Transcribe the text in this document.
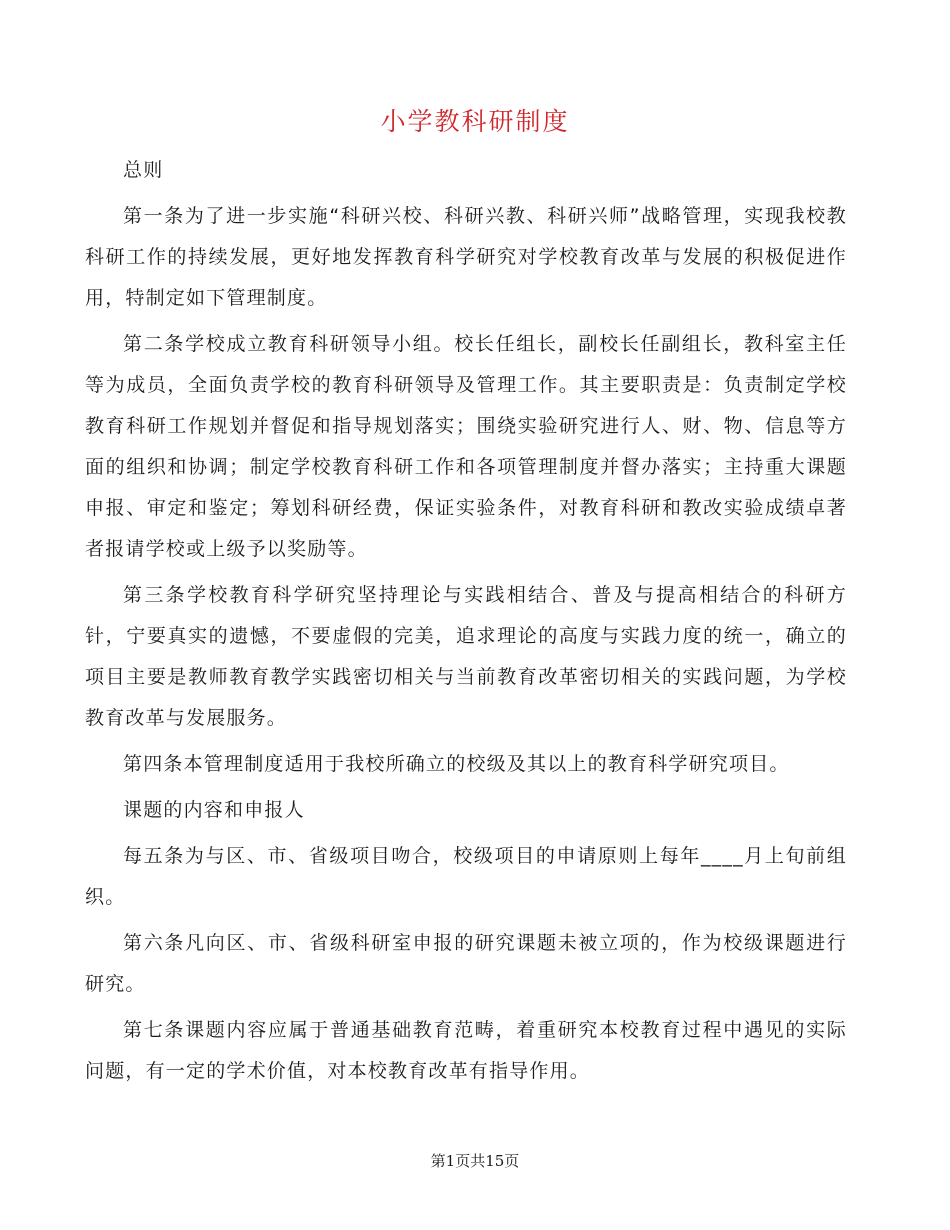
小学教科研制度

总则

第一条为了进一步实施“科研兴校、科研兴教、科研兴师”战略管理，实现我校教科研工作的持续发展，更好地发挥教育科学研究对学校教育改革与发展的积极促进作用，特制定如下管理制度。

第二条学校成立教育科研领导小组。校长任组长，副校长任副组长，教科室主任等为成员，全面负责学校的教育科研领导及管理工作。其主要职责是：负责制定学校教育科研工作规划并督促和指导规划落实；围绕实验研究进行人、财、物、信息等方面的组织和协调；制定学校教育科研工作和各项管理制度并督办落实；主持重大课题申报、审定和鉴定；筹划科研经费，保证实验条件，对教育科研和教改实验成绩卓著者报请学校或上级予以奖励等。

第三条学校教育科学研究坚持理论与实践相结合、普及与提高相结合的科研方针，宁要真实的遗憾，不要虚假的完美，追求理论的高度与实践力度的统一，确立的项目主要是教师教育教学实践密切相关与当前教育改革密切相关的实践问题，为学校教育改革与发展服务。

第四条本管理制度适用于我校所确立的校级及其以上的教育科学研究项目。

课题的内容和申报人

每五条为与区、市、省级项目吻合，校级项目的申请原则上每年____月上旬前组织。

第六条凡向区、市、省级科研室申报的研究课题未被立项的，作为校级课题进行研究。

第七条课题内容应属于普通基础教育范畴，着重研究本校教育过程中遇见的实际问题，有一定的学术价值，对本校教育改革有指导作用。

第1页共15页
